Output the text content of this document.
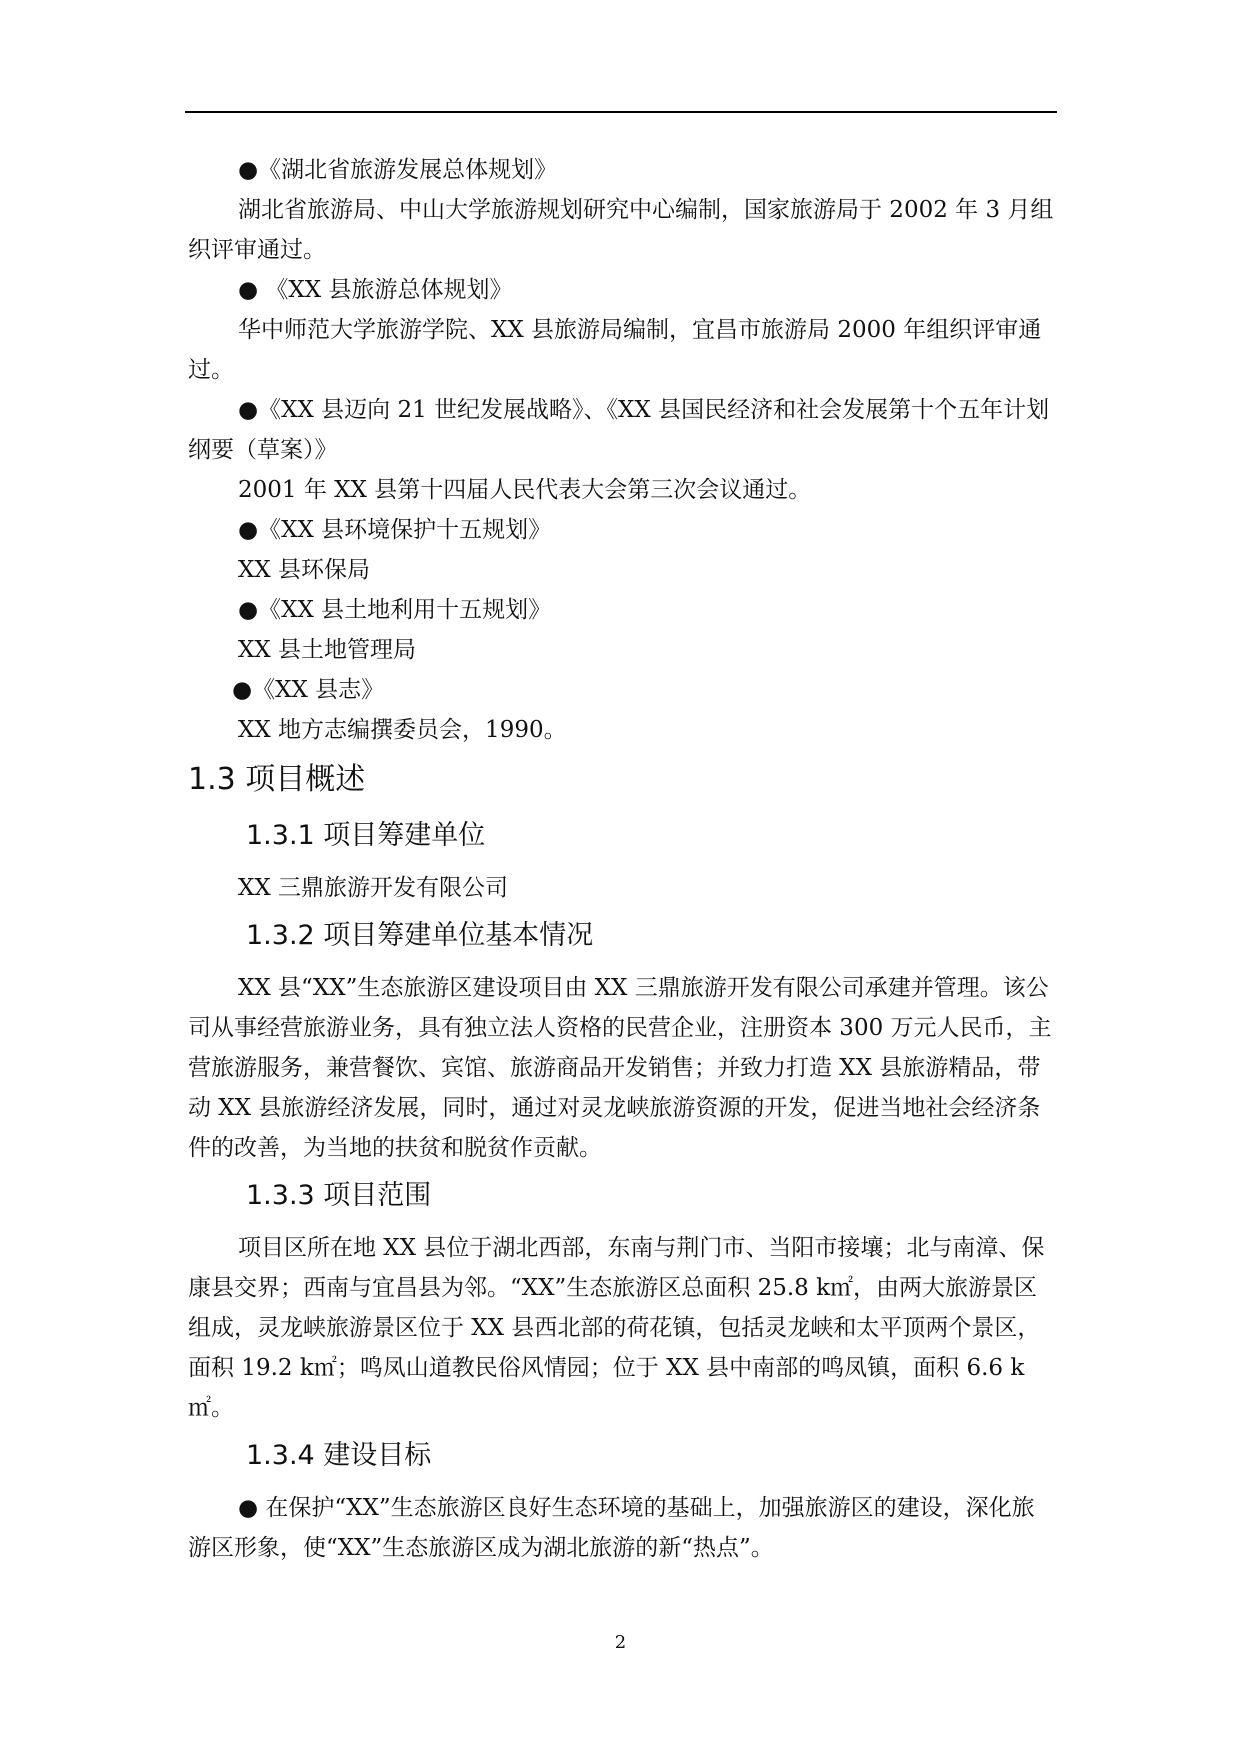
●《湖北省旅游发展总体规划》

湖北省旅游局、中山大学旅游规划研究中心编制，国家旅游局于 2002 年 3 月组织评审通过。

● 《XX 县旅游总体规划》

华中师范大学旅游学院、XX 县旅游局编制，宜昌市旅游局 2000 年组织评审通过。

●《XX 县迈向 21 世纪发展战略》、《XX 县国民经济和社会发展第十个五年计划纲要（草案）》

2001 年 XX 县第十四届人民代表大会第三次会议通过。

●《XX 县环境保护十五规划》

XX 县环保局

●《XX 县土地利用十五规划》

XX 县土地管理局

●《XX 县志》

XX 地方志编撰委员会，1990。

1.3 项目概述
1.3.1 项目筹建单位

XX 三鼎旅游开发有限公司

1.3.2 项目筹建单位基本情况

XX 县“XX”生态旅游区建设项目由 XX 三鼎旅游开发有限公司承建并管理。该公司从事经营旅游业务，具有独立法人资格的民营企业，注册资本 300 万元人民币，主营旅游服务，兼营餐饮、宾馆、旅游商品开发销售；并致力打造 XX 县旅游精品，带动 XX 县旅游经济发展，同时，通过对灵龙峡旅游资源的开发，促进当地社会经济条件的改善，为当地的扶贫和脱贫作贡献。

1.3.3 项目范围

项目区所在地 XX 县位于湖北西部，东南与荆门市、当阳市接壤；北与南漳、保康县交界；西南与宜昌县为邻。“XX”生态旅游区总面积 25.8 k㎡，由两大旅游景区组成，灵龙峡旅游景区位于 XX 县西北部的荷花镇，包括灵龙峡和太平顶两个景区，面积 19.2 k㎡；鸣凤山道教民俗风情园；位于 XX 县中南部的鸣凤镇，面积 6.6 k㎡。

1.3.4 建设目标

● 在保护“XX”生态旅游区良好生态环境的基础上，加强旅游区的建设，深化旅游区形象，使“XX”生态旅游区成为湖北旅游的新“热点”。

2
